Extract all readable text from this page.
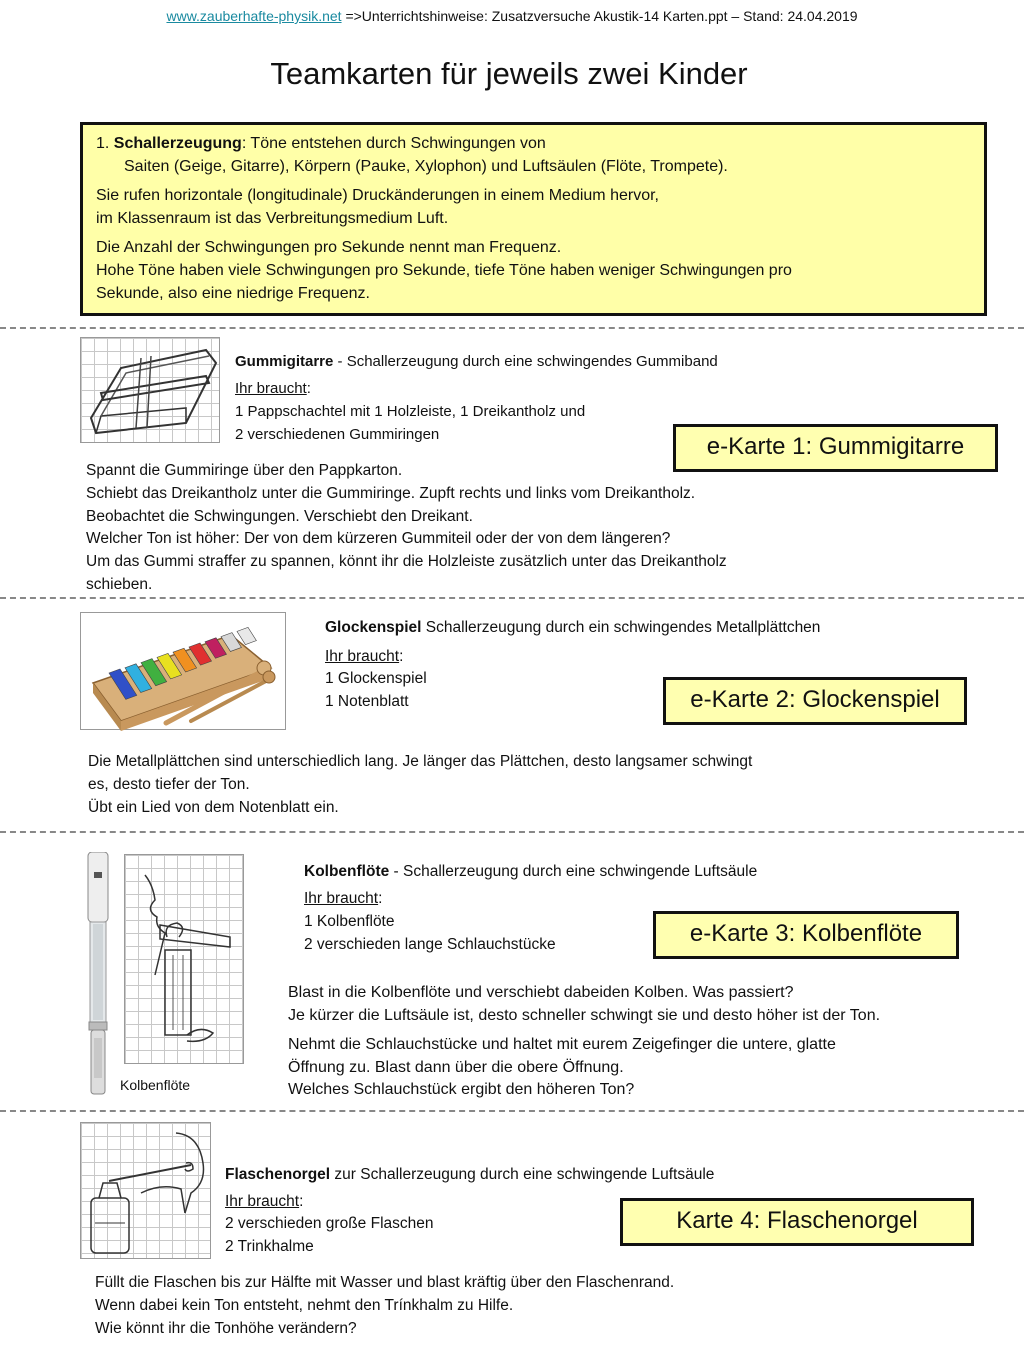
www.zauberhafte-physik.net =>Unterrichtshinweise: Zusatzversuche Akustik-14 Karten.ppt – Stand: 24.04.2019
Teamkarten für jeweils zwei Kinder
1. Schallerzeugung: Töne entstehen durch Schwingungen von
Saiten (Geige, Gitarre), Körpern (Pauke, Xylophon) und Luftsäulen (Flöte, Trompete).
Sie rufen horizontale (longitudinale) Druckänderungen in einem Medium hervor,
im Klassenraum ist das Verbreitungsmedium Luft.
Die Anzahl der Schwingungen pro Sekunde nennt man Frequenz.
Hohe Töne haben viele Schwingungen pro Sekunde, tiefe Töne haben weniger Schwingungen pro
Sekunde, also eine niedrige Frequenz.
Gummigitarre - Schallerzeugung durch eine schwingendes Gummiband
Ihr braucht:
1 Pappschachtel mit 1 Holzleiste, 1 Dreikantholz und
2 verschiedenen Gummiringen	e-Karte 1: Gummigitarre
Spannt die Gummiringe über den Pappkarton.
Schiebt das Dreikantholz unter die Gummiringe. Zupft rechts und links vom Dreikantholz.
Beobachtet die Schwingungen. Verschiebt den Dreikant.
Welcher Ton ist höher: Der von dem kürzeren Gummiteil oder der von dem längeren?
Um das Gummi straffer zu spannen, könnt ihr die Holzleiste zusätzlich unter das Dreikantholz
schieben.
Glockenspiel Schallerzeugung durch ein schwingendes Metallplättchen
Ihr braucht:
1 Glockenspiel
1 Notenblatt	e-Karte 2: Glockenspiel
Die Metallplättchen sind unterschiedlich lang. Je länger das Plättchen, desto langsamer schwingt
es, desto tiefer der Ton.
Übt ein Lied von dem Notenblatt ein.
Kolbenflöte
Kolbenflöte - Schallerzeugung durch eine schwingende Luftsäule
Ihr braucht:
1 Kolbenflöte
2 verschieden lange Schlauchstücke	e-Karte 3: Kolbenflöte
Blast in die Kolbenflöte und verschiebt dabeiden Kolben. Was passiert?
Je kürzer die Luftsäule ist, desto schneller schwingt sie und desto höher ist der Ton.
Nehmt die Schlauchstücke und haltet mit eurem Zeigefinger die untere, glatte
Öffnung zu. Blast dann über die obere Öffnung.
Welches Schlauchstück ergibt den höheren Ton?
Flaschenorgel zur Schallerzeugung durch eine schwingende Luftsäule
Ihr braucht:
2 verschieden große Flaschen
2 Trinkhalme
Karte 4: Flaschenorgel
Füllt die Flaschen bis zur Hälfte mit Wasser und blast kräftig über den Flaschenrand.
Wenn dabei kein Ton entsteht, nehmt den Trínkhalm zu Hilfe.
Wie könnt ihr die Tonhöhe verändern?
